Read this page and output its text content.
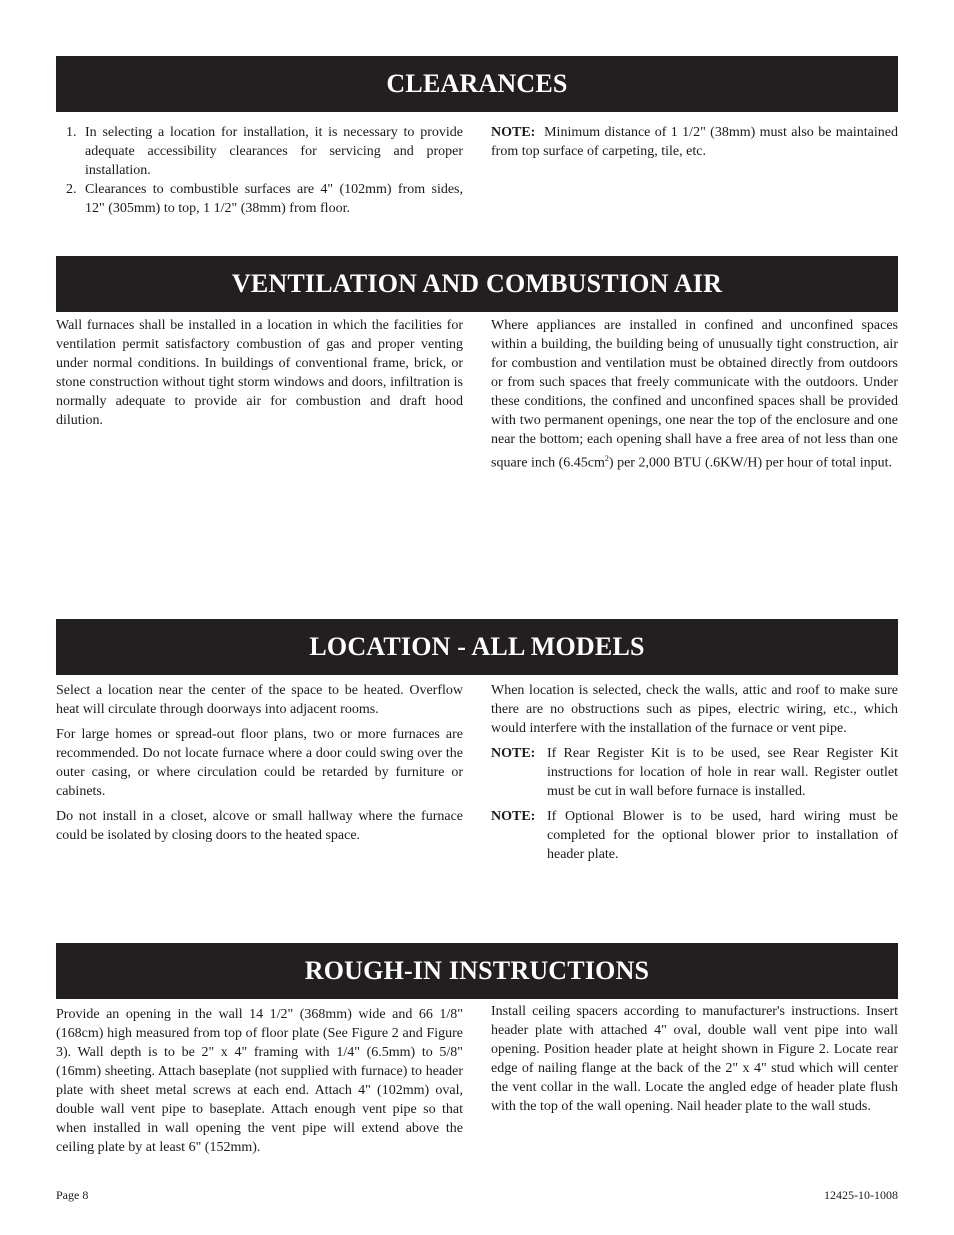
CLEARANCES
1. In selecting a location for installation, it is necessary to provide adequate accessibility clearances for servicing and proper installation.
2. Clearances to combustible surfaces are 4" (102mm) from sides, 12" (305mm) to top, 1 1/2" (38mm) from floor.

NOTE: Minimum distance of 1 1/2" (38mm) must also be maintained from top surface of carpeting, tile, etc.

VENTILATION AND COMBUSTION AIR

Wall furnaces shall be installed in a location in which the facilities for ventilation permit satisfactory combustion of gas and proper venting under normal conditions. In buildings of conventional frame, brick, or stone construction without tight storm windows and doors, infiltration is normally adequate to provide air for combustion and draft hood dilution.

Where appliances are installed in confined and unconfined spaces within a building, the building being of unusually tight construction, air for combustion and ventilation must be obtained directly from outdoors or from such spaces that freely communicate with the outdoors. Under these conditions, the confined and unconfined spaces shall be provided with two permanent openings, one near the top of the enclosure and one near the bottom; each opening shall have a free area of not less than one square inch $(6.45cm^2)$ per 2,000 BTU (.6KW/H) per hour of total input.

LOCATION - ALL MODELS

Select a location near the center of the space to be heated. Overflow heat will circulate through doorways into adjacent rooms.

For large homes or spread-out floor plans, two or more furnaces are recommended. Do not locate furnace where a door could swing over the outer casing, or where circulation could be retarded by furniture or cabinets.

Do not install in a closet, alcove or small hallway where the furnace could be isolated by closing doors to the heated space.

When location is selected, check the walls, attic and roof to make sure there are no obstructions such as pipes, electric wiring, etc., which would interfere with the installation of the furnace or vent pipe.

NOTE: If Rear Register Kit is to be used, see Rear Register Kit instructions for location of hole in rear wall. Register outlet must be cut in wall before furnace is installed.
NOTE: If Optional Blower is to be used, hard wiring must be completed for the optional blower prior to installation of header plate.
ROUGH-IN INSTRUCTIONS

Provide an opening in the wall 14 1/2" (368mm) wide and 66 1/8" (168cm) high measured from top of floor plate (See Figure 2 and Figure 3). Wall depth is to be 2" x 4" framing with 1/4" (6.5mm) to 5/8" (16mm) sheeting. Attach baseplate (not supplied with furnace) to header plate with sheet metal screws at each end. Attach 4" (102mm) oval, double wall vent pipe to baseplate. Attach enough vent pipe so that when installed in wall opening the vent pipe will extend above the ceiling plate by at least 6" (152mm).

Install ceiling spacers according to manufacturer's instructions. Insert header plate with attached 4" oval, double wall vent pipe into wall opening. Position header plate at height shown in Figure 2. Locate rear edge of nailing flange at the back of the 2" x 4" stud which will center the vent collar in the wall. Locate the angled edge of header plate flush with the top of the wall opening. Nail header plate to the wall studs.

Page 8	12425-10-1008
